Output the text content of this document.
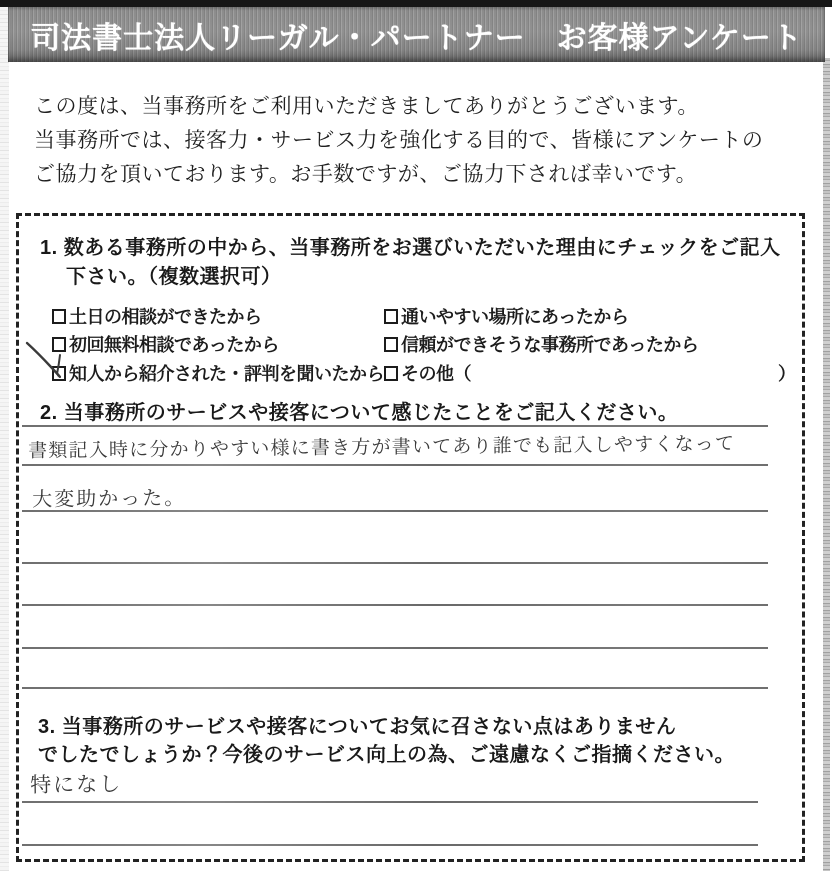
司法書士法人リーガル・パートナー　お客様アンケート
この度は、当事務所をご利用いただきましてありがとうございます。
当事務所では、接客力・サービス力を強化する目的で、皆様にアンケートの
ご協力を頂いております。お手数ですが、ご協力下されば幸いです。
1. 数ある事務所の中から、当事務所をお選びいただいた理由にチェックをご記入
下さい。（複数選択可）
土日の相談ができたから
初回無料相談であったから
知人から紹介された・評判を聞いたから
通いやすい場所にあったから
信頼ができそうな事務所であったから
その他（	）
2. 当事務所のサービスや接客について感じたことをご記入ください。
書類記入時に分かりやすい様に書き方が書いてあり誰でも記入しやすくなって
大変助かった。
3. 当事務所のサービスや接客についてお気に召さない点はありません
でしたでしょうか？今後のサービス向上の為、ご遠慮なくご指摘ください。
特になし
